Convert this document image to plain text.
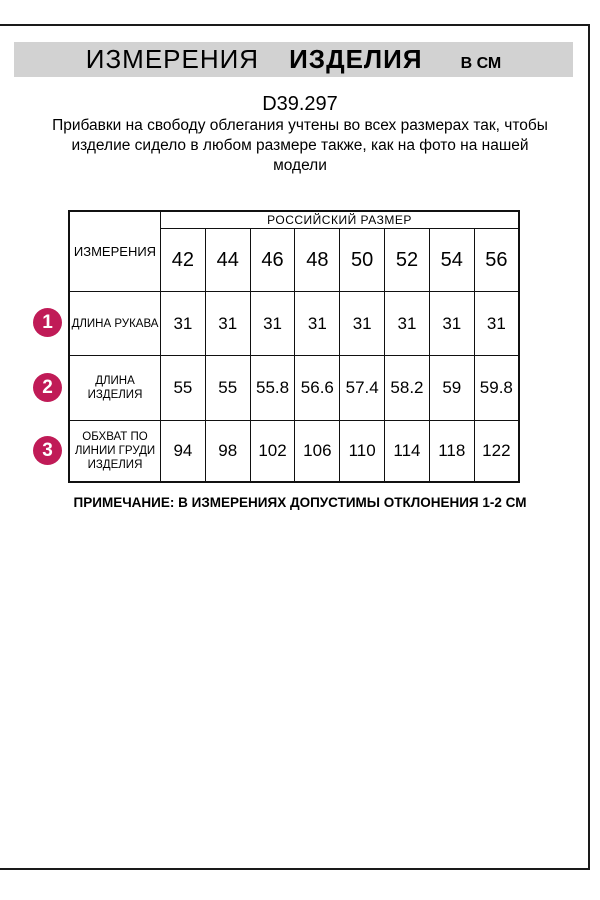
ИЗМЕРЕНИЯ ИЗДЕЛИЯ В СМ
D39.297
Прибавки на свободу облегания учтены во всех размерах так, чтобы изделие сидело в любом размере также, как на фото на нашей модели
ИЗМЕРЕНИЯ	РОССИЙСКИЙ РАЗМЕР							
	42	44	46	48	50	52	54	56
ДЛИНА РУКАВА	31	31	31	31	31	31	31	31
ДЛИНА ИЗДЕЛИЯ	55	55	55.8	56.6	57.4	58.2	59	59.8
ОБХВАТ ПО ЛИНИИ ГРУДИ ИЗДЕЛИЯ	94	98	102	106	110	114	118	122
1
2
3
ПРИМЕЧАНИЕ: В ИЗМЕРЕНИЯХ ДОПУСТИМЫ ОТКЛОНЕНИЯ 1-2 СМ
